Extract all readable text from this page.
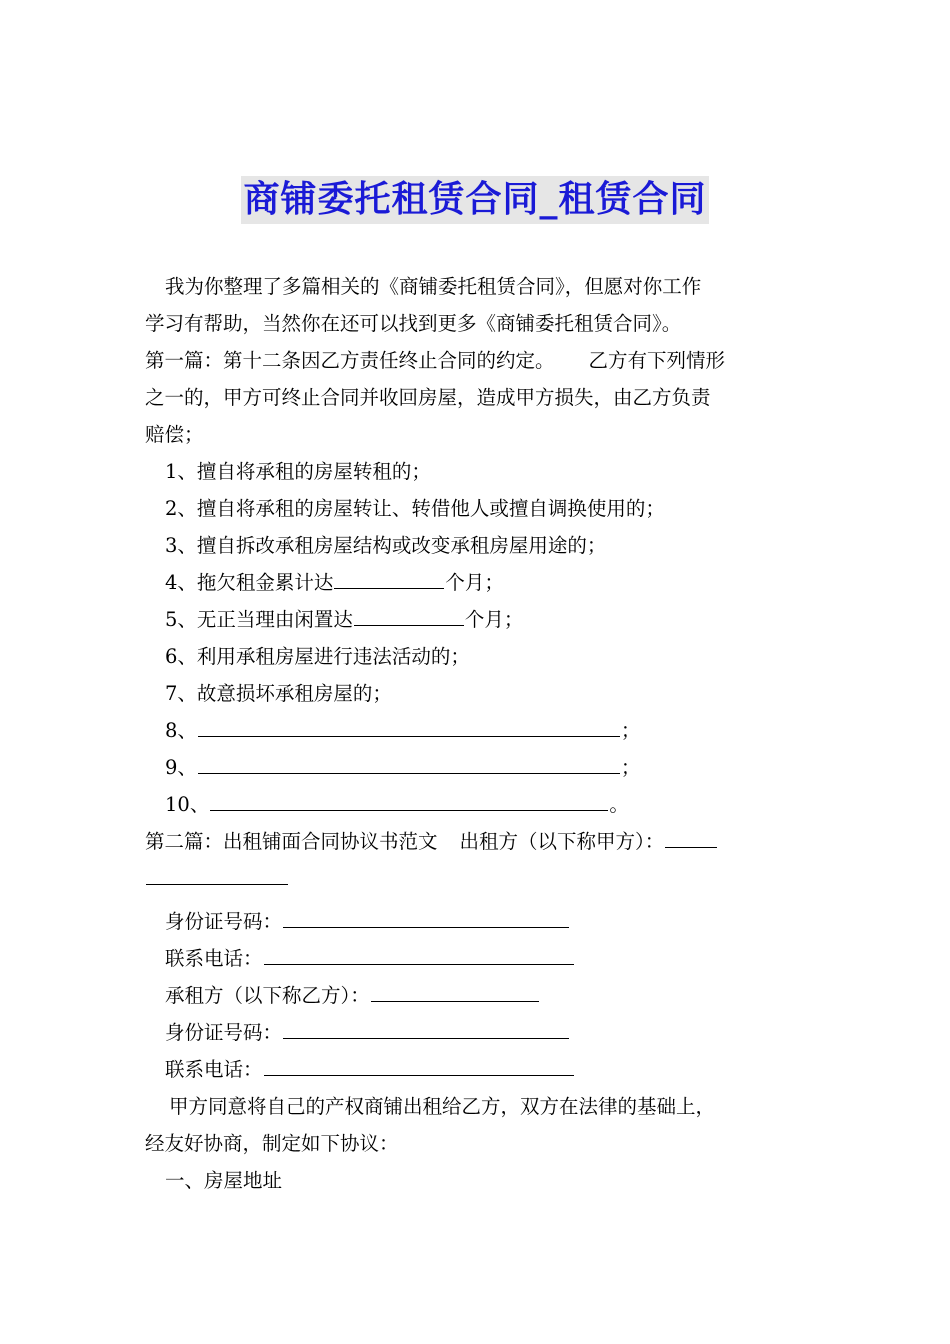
商铺委托租赁合同_租赁合同
我为你整理了多篇相关的《商铺委托租赁合同》，但愿对你工作
学习有帮助，当然你在还可以找到更多《商铺委托租赁合同》。
第一篇：第十二条因乙方责任终止合同的约定。 乙方有下列情形
之一的，甲方可终止合同并收回房屋，造成甲方损失，由乙方负责
赔偿；
1、擅自将承租的房屋转租的；
2、擅自将承租的房屋转让、转借他人或擅自调换使用的；
3、擅自拆改承租房屋结构或改变承租房屋用途的；
4、拖欠租金累计达	个月；
5、无正当理由闲置达	个月；
6、利用承租房屋进行违法活动的；
7、故意损坏承租房屋的；
8、	；
9、	；
10、	。
第二篇：出租铺面合同协议书范文 出租方（以下称甲方）：
身份证号码：
联系电话：
承租方（以下称乙方）：
身份证号码：
联系电话：
甲方同意将自己的产权商铺出租给乙方，双方在法律的基础上，
经友好协商，制定如下协议：
一、房屋地址
